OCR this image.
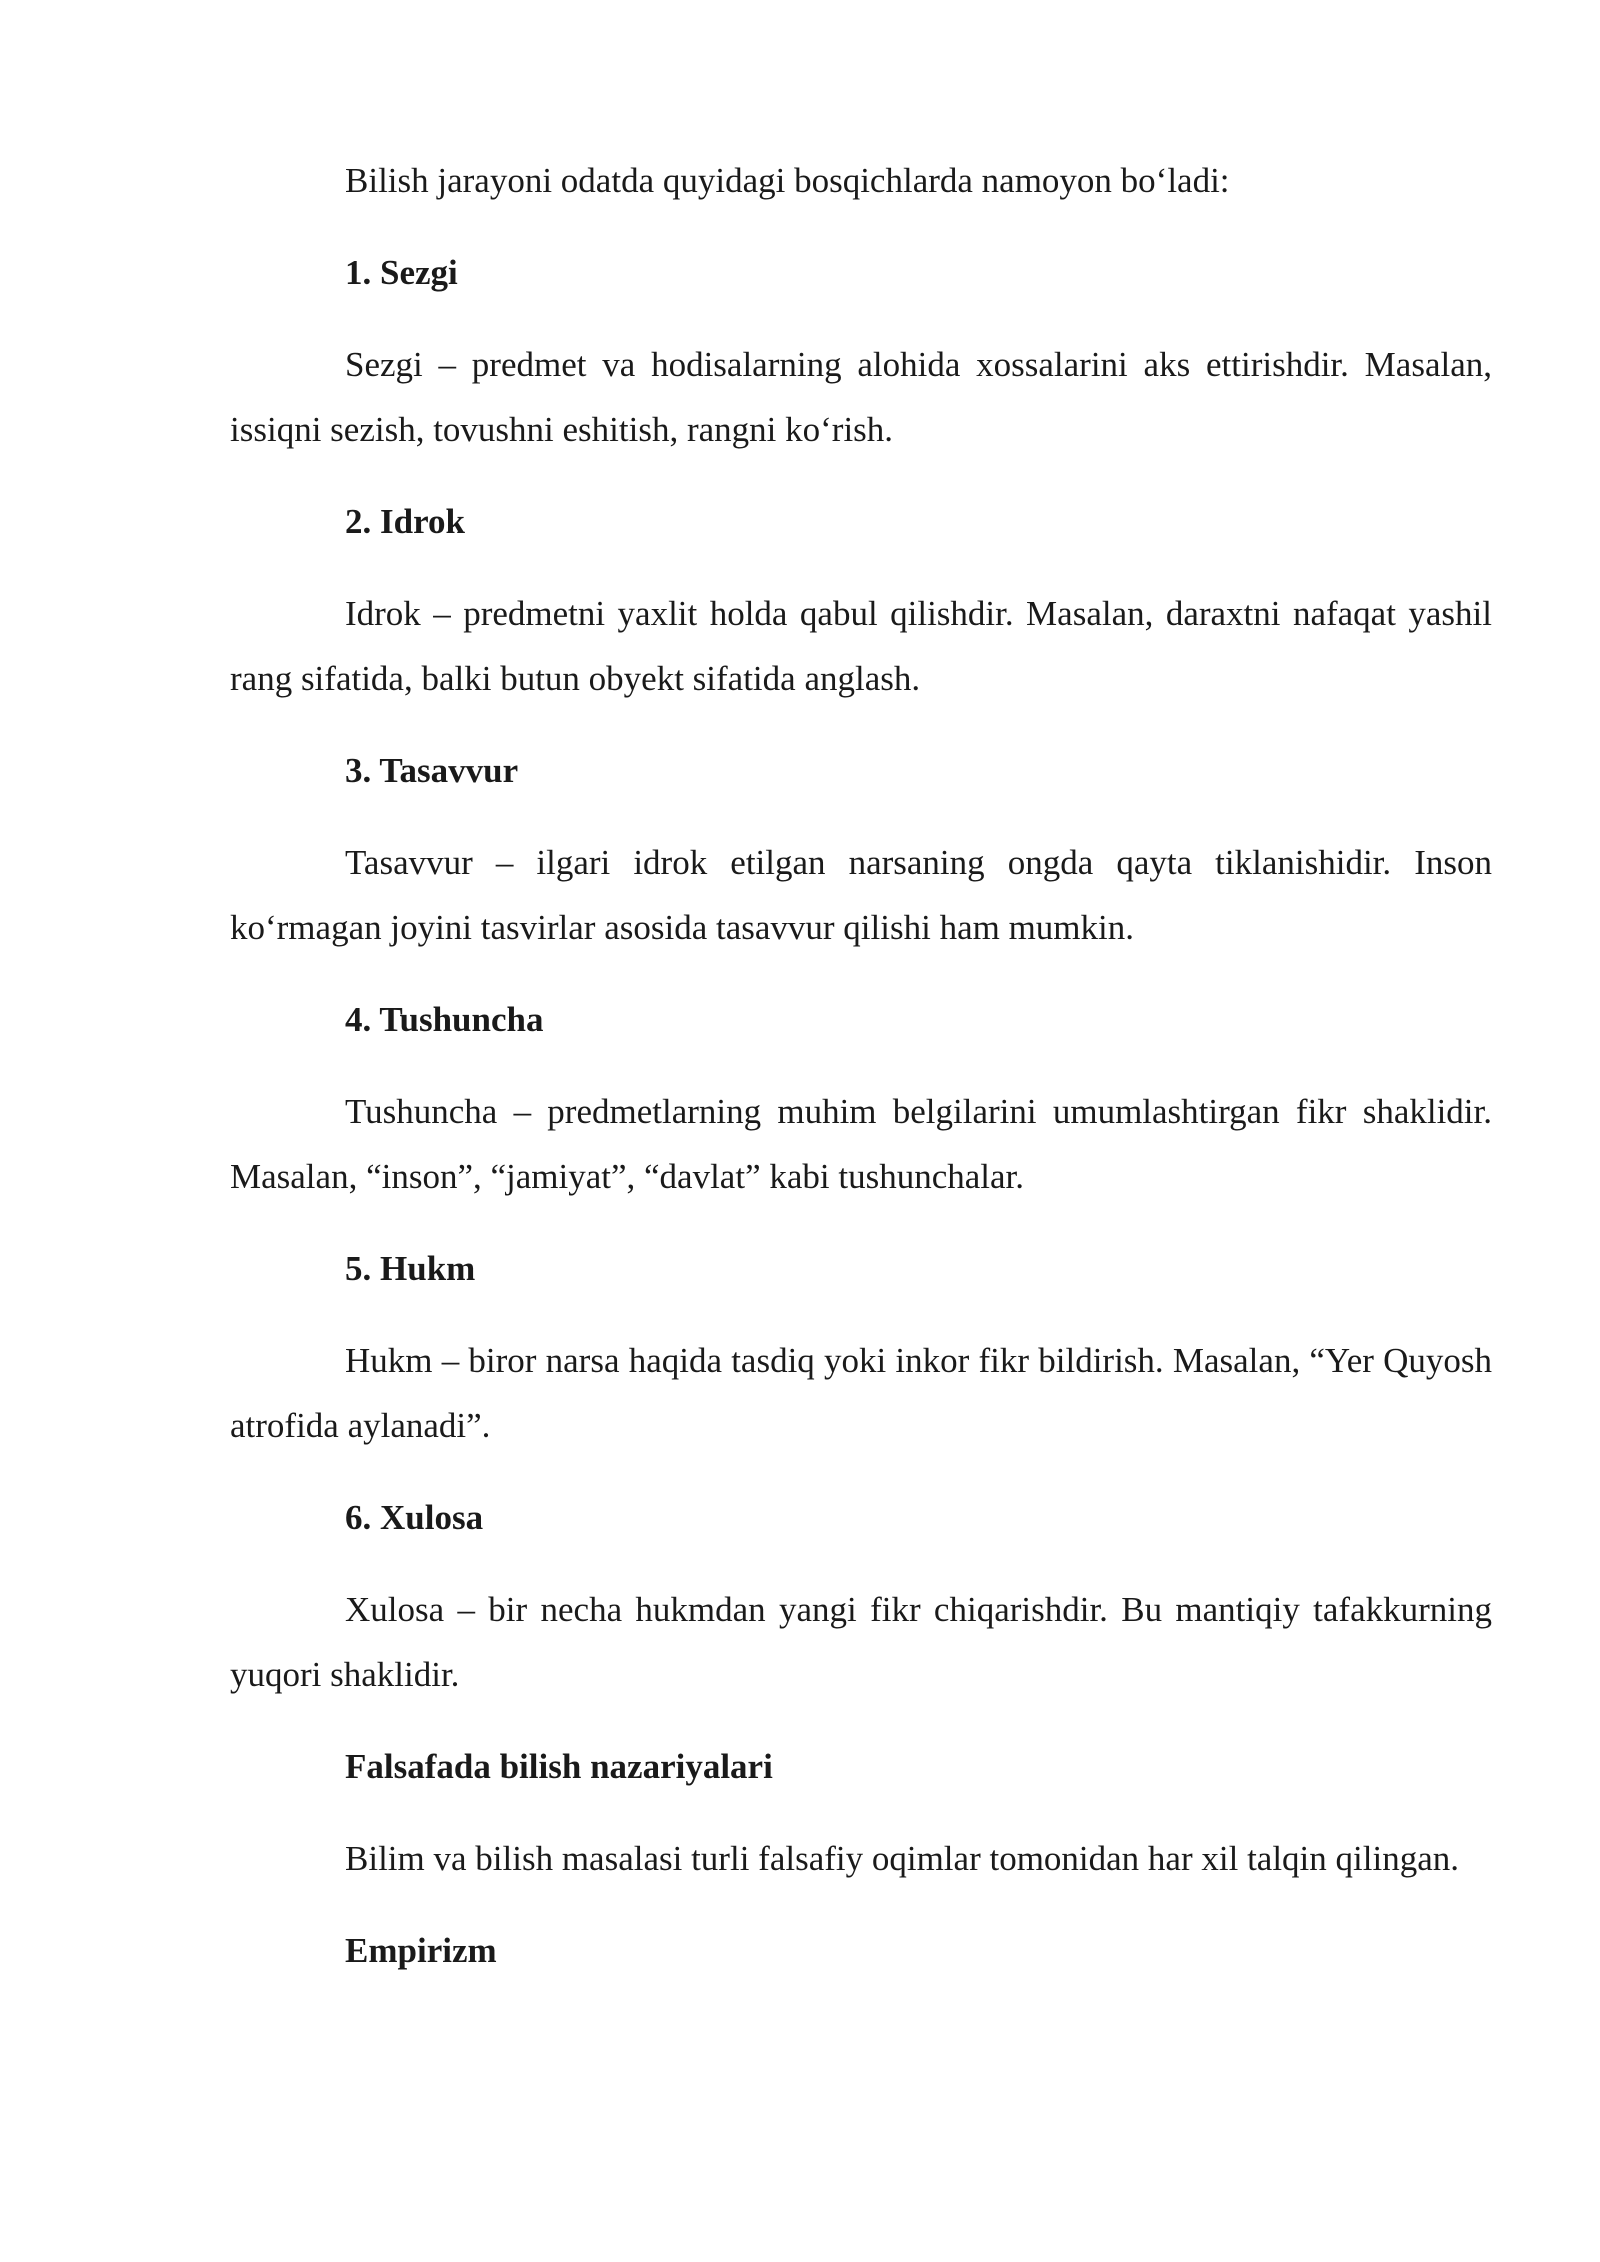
Bilish jarayoni odatda quyidagi bosqichlarda namoyon bo‘ladi:

1. Sezgi

Sezgi – predmet va hodisalarning alohida xossalarini aks ettirishdir. Masalan, issiqni sezish, tovushni eshitish, rangni ko‘rish.

2. Idrok

Idrok – predmetni yaxlit holda qabul qilishdir. Masalan, daraxtni nafaqat yashil rang sifatida, balki butun obyekt sifatida anglash.

3. Tasavvur

Tasavvur – ilgari idrok etilgan narsaning ongda qayta tiklanishidir. Inson ko‘rmagan joyini tasvirlar asosida tasavvur qilishi ham mumkin.

4. Tushuncha

Tushuncha – predmetlarning muhim belgilarini umumlashtirgan fikr shaklidir. Masalan, “inson”, “jamiyat”, “davlat” kabi tushunchalar.

5. Hukm

Hukm – biror narsa haqida tasdiq yoki inkor fikr bildirish. Masalan, “Yer Quyosh atrofida aylanadi”.

6. Xulosa

Xulosa – bir necha hukmdan yangi fikr chiqarishdir. Bu mantiqiy tafakkurning yuqori shaklidir.

Falsafada bilish nazariyalari

Bilim va bilish masalasi turli falsafiy oqimlar tomonidan har xil talqin qilingan.

Empirizm
